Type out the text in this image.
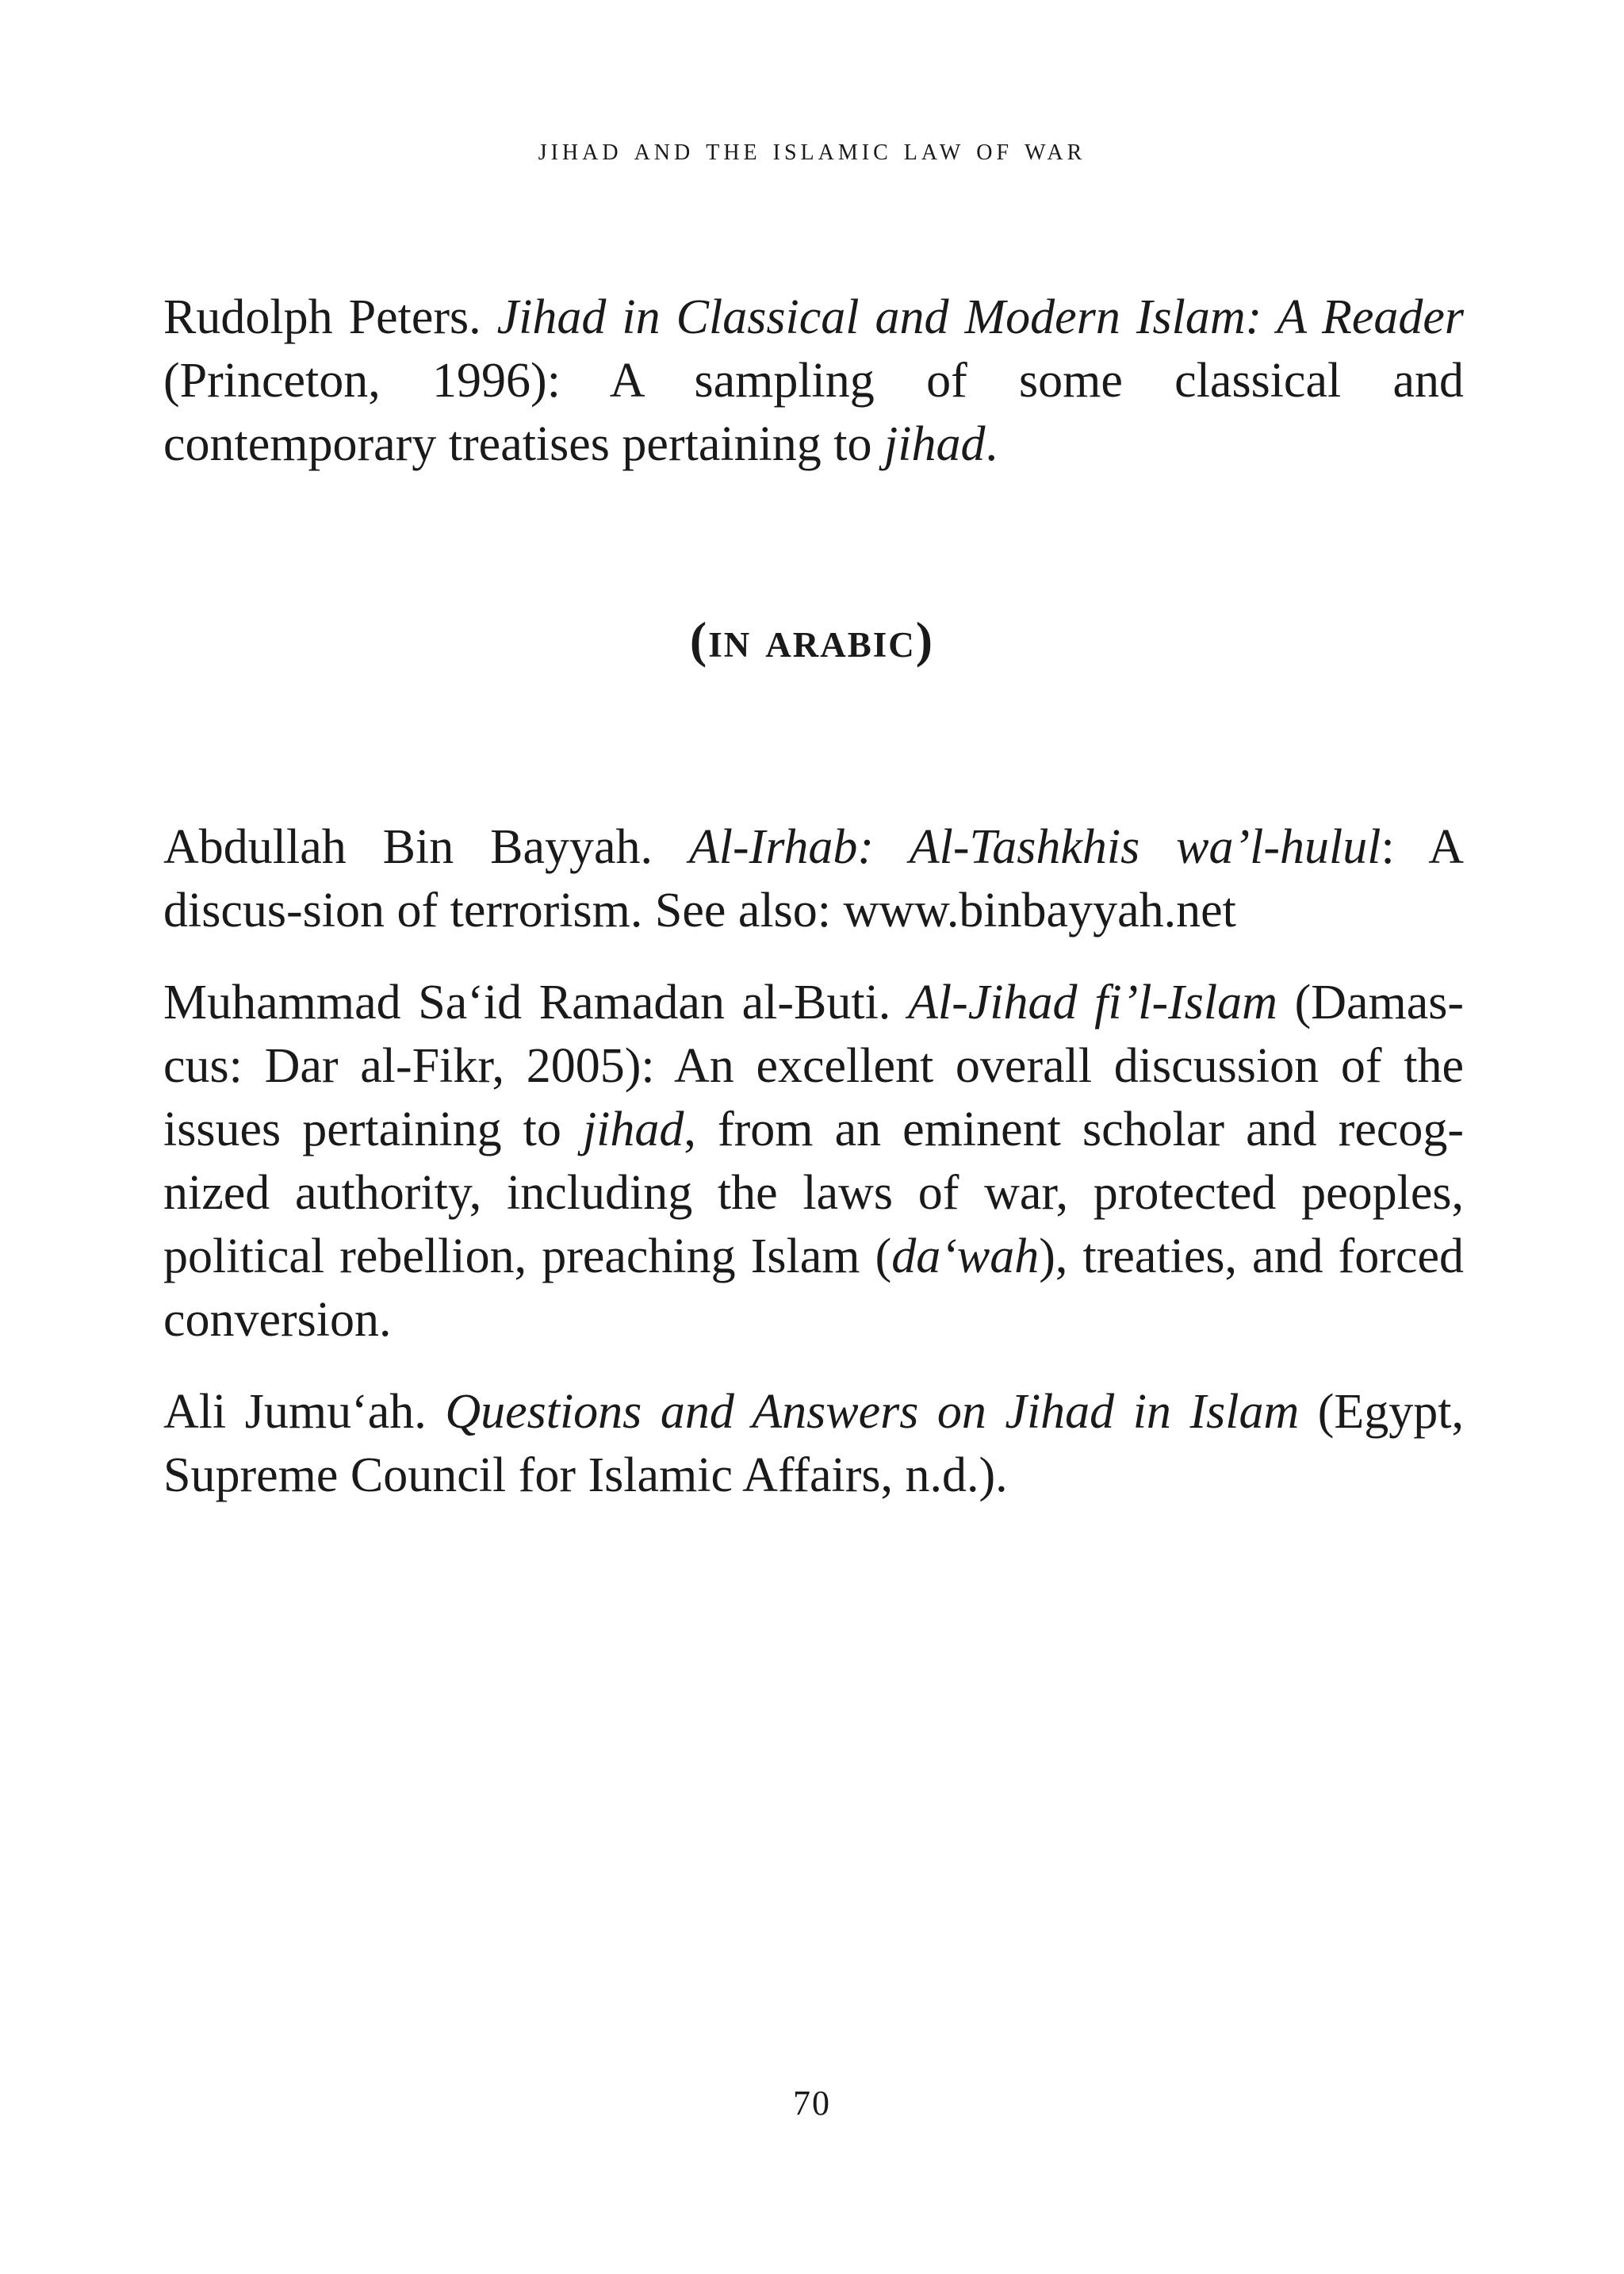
jihad and the islamic law of war

Rudolph Peters. Jihad in Classical and Modern Islam: A Reader (Princeton, 1996): A sampling of some classical and contemporary treatises pertaining to jihad.

(in arabic)

Abdullah Bin Bayyah. Al-Irhab: Al-Tashkhis wa’l-hulul: A discus-sion of terrorism. See also: www.binbayyah.net

Muhammad Sa‘id Ramadan al-Buti. Al-Jihad fi’l-Islam (Damas-cus: Dar al-Fikr, 2005): An excellent overall discussion of the issues pertaining to jihad, from an eminent scholar and recog-nized authority, including the laws of war, protected peoples, political rebellion, preaching Islam (da‘wah), treaties, and forced conversion.

Ali Jumu‘ah. Questions and Answers on Jihad in Islam (Egypt, Supreme Council for Islamic Affairs, n.d.).

70
